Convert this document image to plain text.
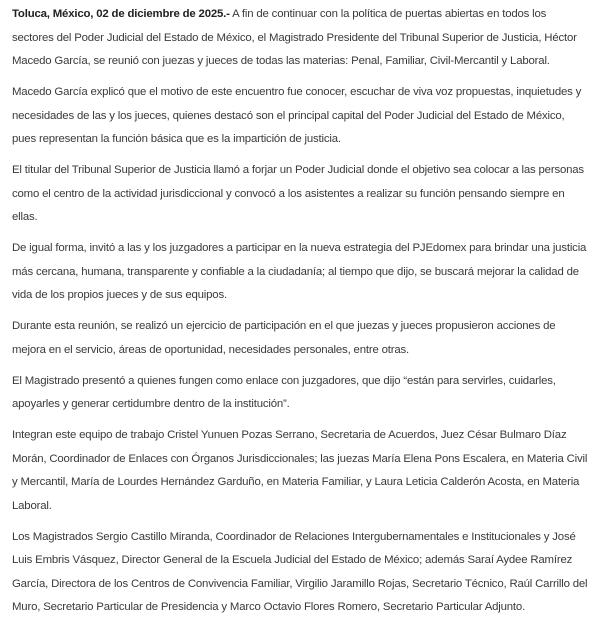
Toluca, México, 02 de diciembre de 2025.- A fin de continuar con la política de puertas abiertas en todos los
sectores del Poder Judicial del Estado de México, el Magistrado Presidente del Tribunal Superior de Justicia, Héctor
Macedo García, se reunió con juezas y jueces de todas las materias: Penal, Familiar, Civil-Mercantil y Laboral.

Macedo García explicó que el motivo de este encuentro fue conocer, escuchar de viva voz propuestas, inquietudes y
necesidades de las y los jueces, quienes destacó son el principal capital del Poder Judicial del Estado de México,
pues representan la función básica que es la impartición de justicia.

El titular del Tribunal Superior de Justicia llamó a forjar un Poder Judicial donde el objetivo sea colocar a las personas
como el centro de la actividad jurisdiccional y convocó a los asistentes a realizar su función pensando siempre en
ellas.

De igual forma, invitó a las y los juzgadores a participar en la nueva estrategia del PJEdomex para brindar una justicia
más cercana, humana, transparente y confiable a la ciudadanía; al tiempo que dijo, se buscará mejorar la calidad de
vida de los propios jueces y de sus equipos.

Durante esta reunión, se realizó un ejercicio de participación en el que juezas y jueces propusieron acciones de
mejora en el servicio, áreas de oportunidad, necesidades personales, entre otras.

El Magistrado presentó a quienes fungen como enlace con juzgadores, que dijo “están para servirles, cuidarles,
apoyarles y generar certidumbre dentro de la institución”.

Integran este equipo de trabajo Cristel Yunuen Pozas Serrano, Secretaria de Acuerdos, Juez César Bulmaro Díaz
Morán, Coordinador de Enlaces con Órganos Jurisdiccionales; las juezas María Elena Pons Escalera, en Materia Civil
y Mercantil, María de Lourdes Hernández Garduño, en Materia Familiar, y Laura Leticia Calderón Acosta, en Materia
Laboral.

Los Magistrados Sergio Castillo Miranda, Coordinador de Relaciones Intergubernamentales e Institucionales y José
Luis Embris Vásquez, Director General de la Escuela Judicial del Estado de México; además Saraí Aydee Ramírez
García, Directora de los Centros de Convivencia Familiar, Virgilio Jaramillo Rojas, Secretario Técnico, Raúl Carrillo del
Muro, Secretario Particular de Presidencia y Marco Octavio Flores Romero, Secretario Particular Adjunto.
